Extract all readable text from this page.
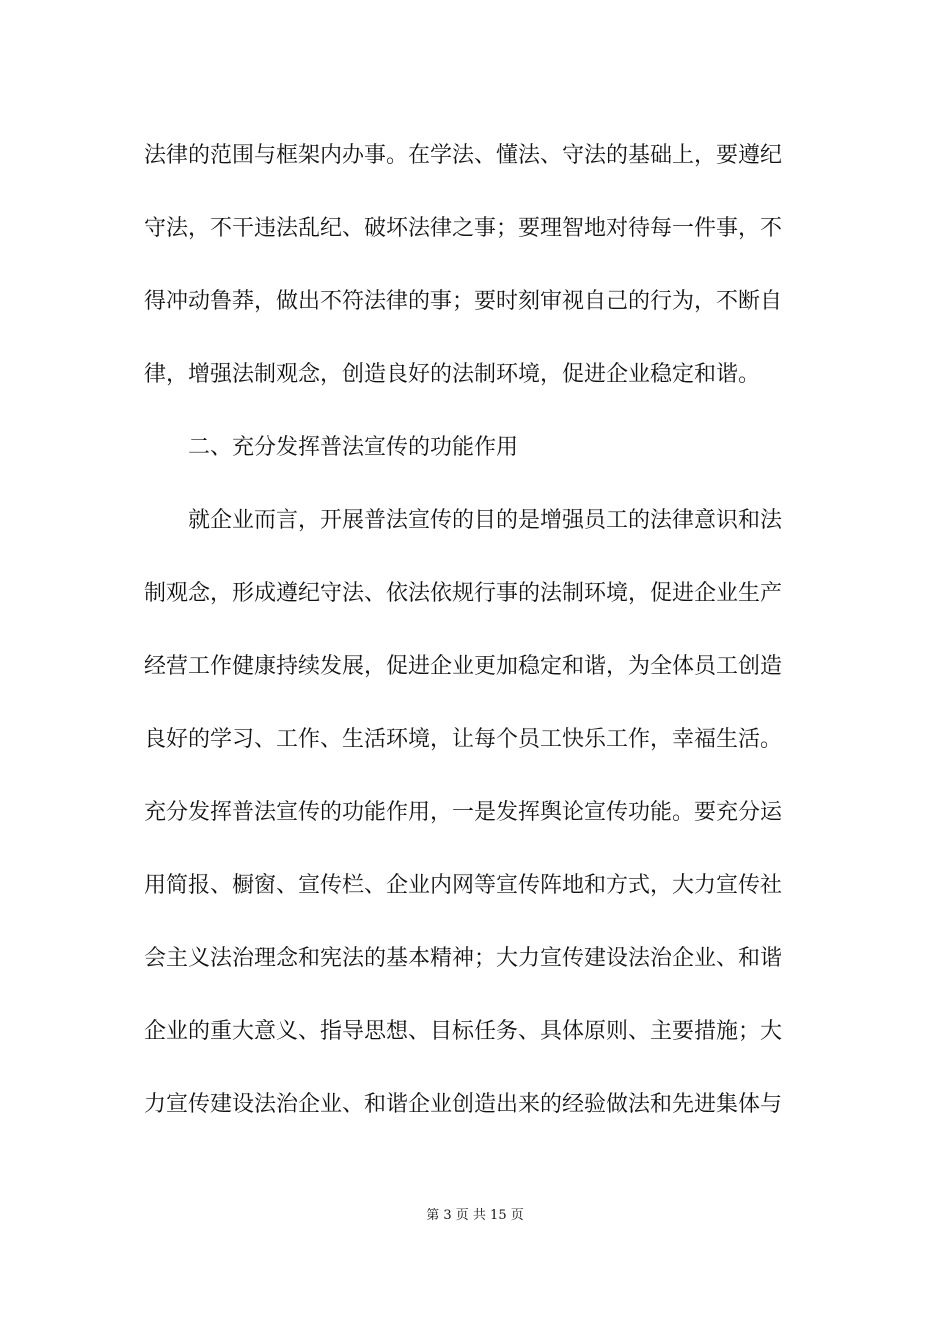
法律的范围与框架内办事。在学法、懂法、守法的基础上，要遵纪
守法，不干违法乱纪、破坏法律之事；要理智地对待每一件事，不
得冲动鲁莽，做出不符法律的事；要时刻审视自己的行为，不断自
律，增强法制观念，创造良好的法制环境，促进企业稳定和谐。
二、充分发挥普法宣传的功能作用
就企业而言，开展普法宣传的目的是增强员工的法律意识和法
制观念，形成遵纪守法、依法依规行事的法制环境，促进企业生产
经营工作健康持续发展，促进企业更加稳定和谐，为全体员工创造
良好的学习、工作、生活环境，让每个员工快乐工作，幸福生活。
充分发挥普法宣传的功能作用，一是发挥舆论宣传功能。要充分运
用简报、橱窗、宣传栏、企业内网等宣传阵地和方式，大力宣传社
会主义法治理念和宪法的基本精神；大力宣传建设法治企业、和谐
企业的重大意义、指导思想、目标任务、具体原则、主要措施；大
力宣传建设法治企业、和谐企业创造出来的经验做法和先进集体与
第 3 页 共 15 页
